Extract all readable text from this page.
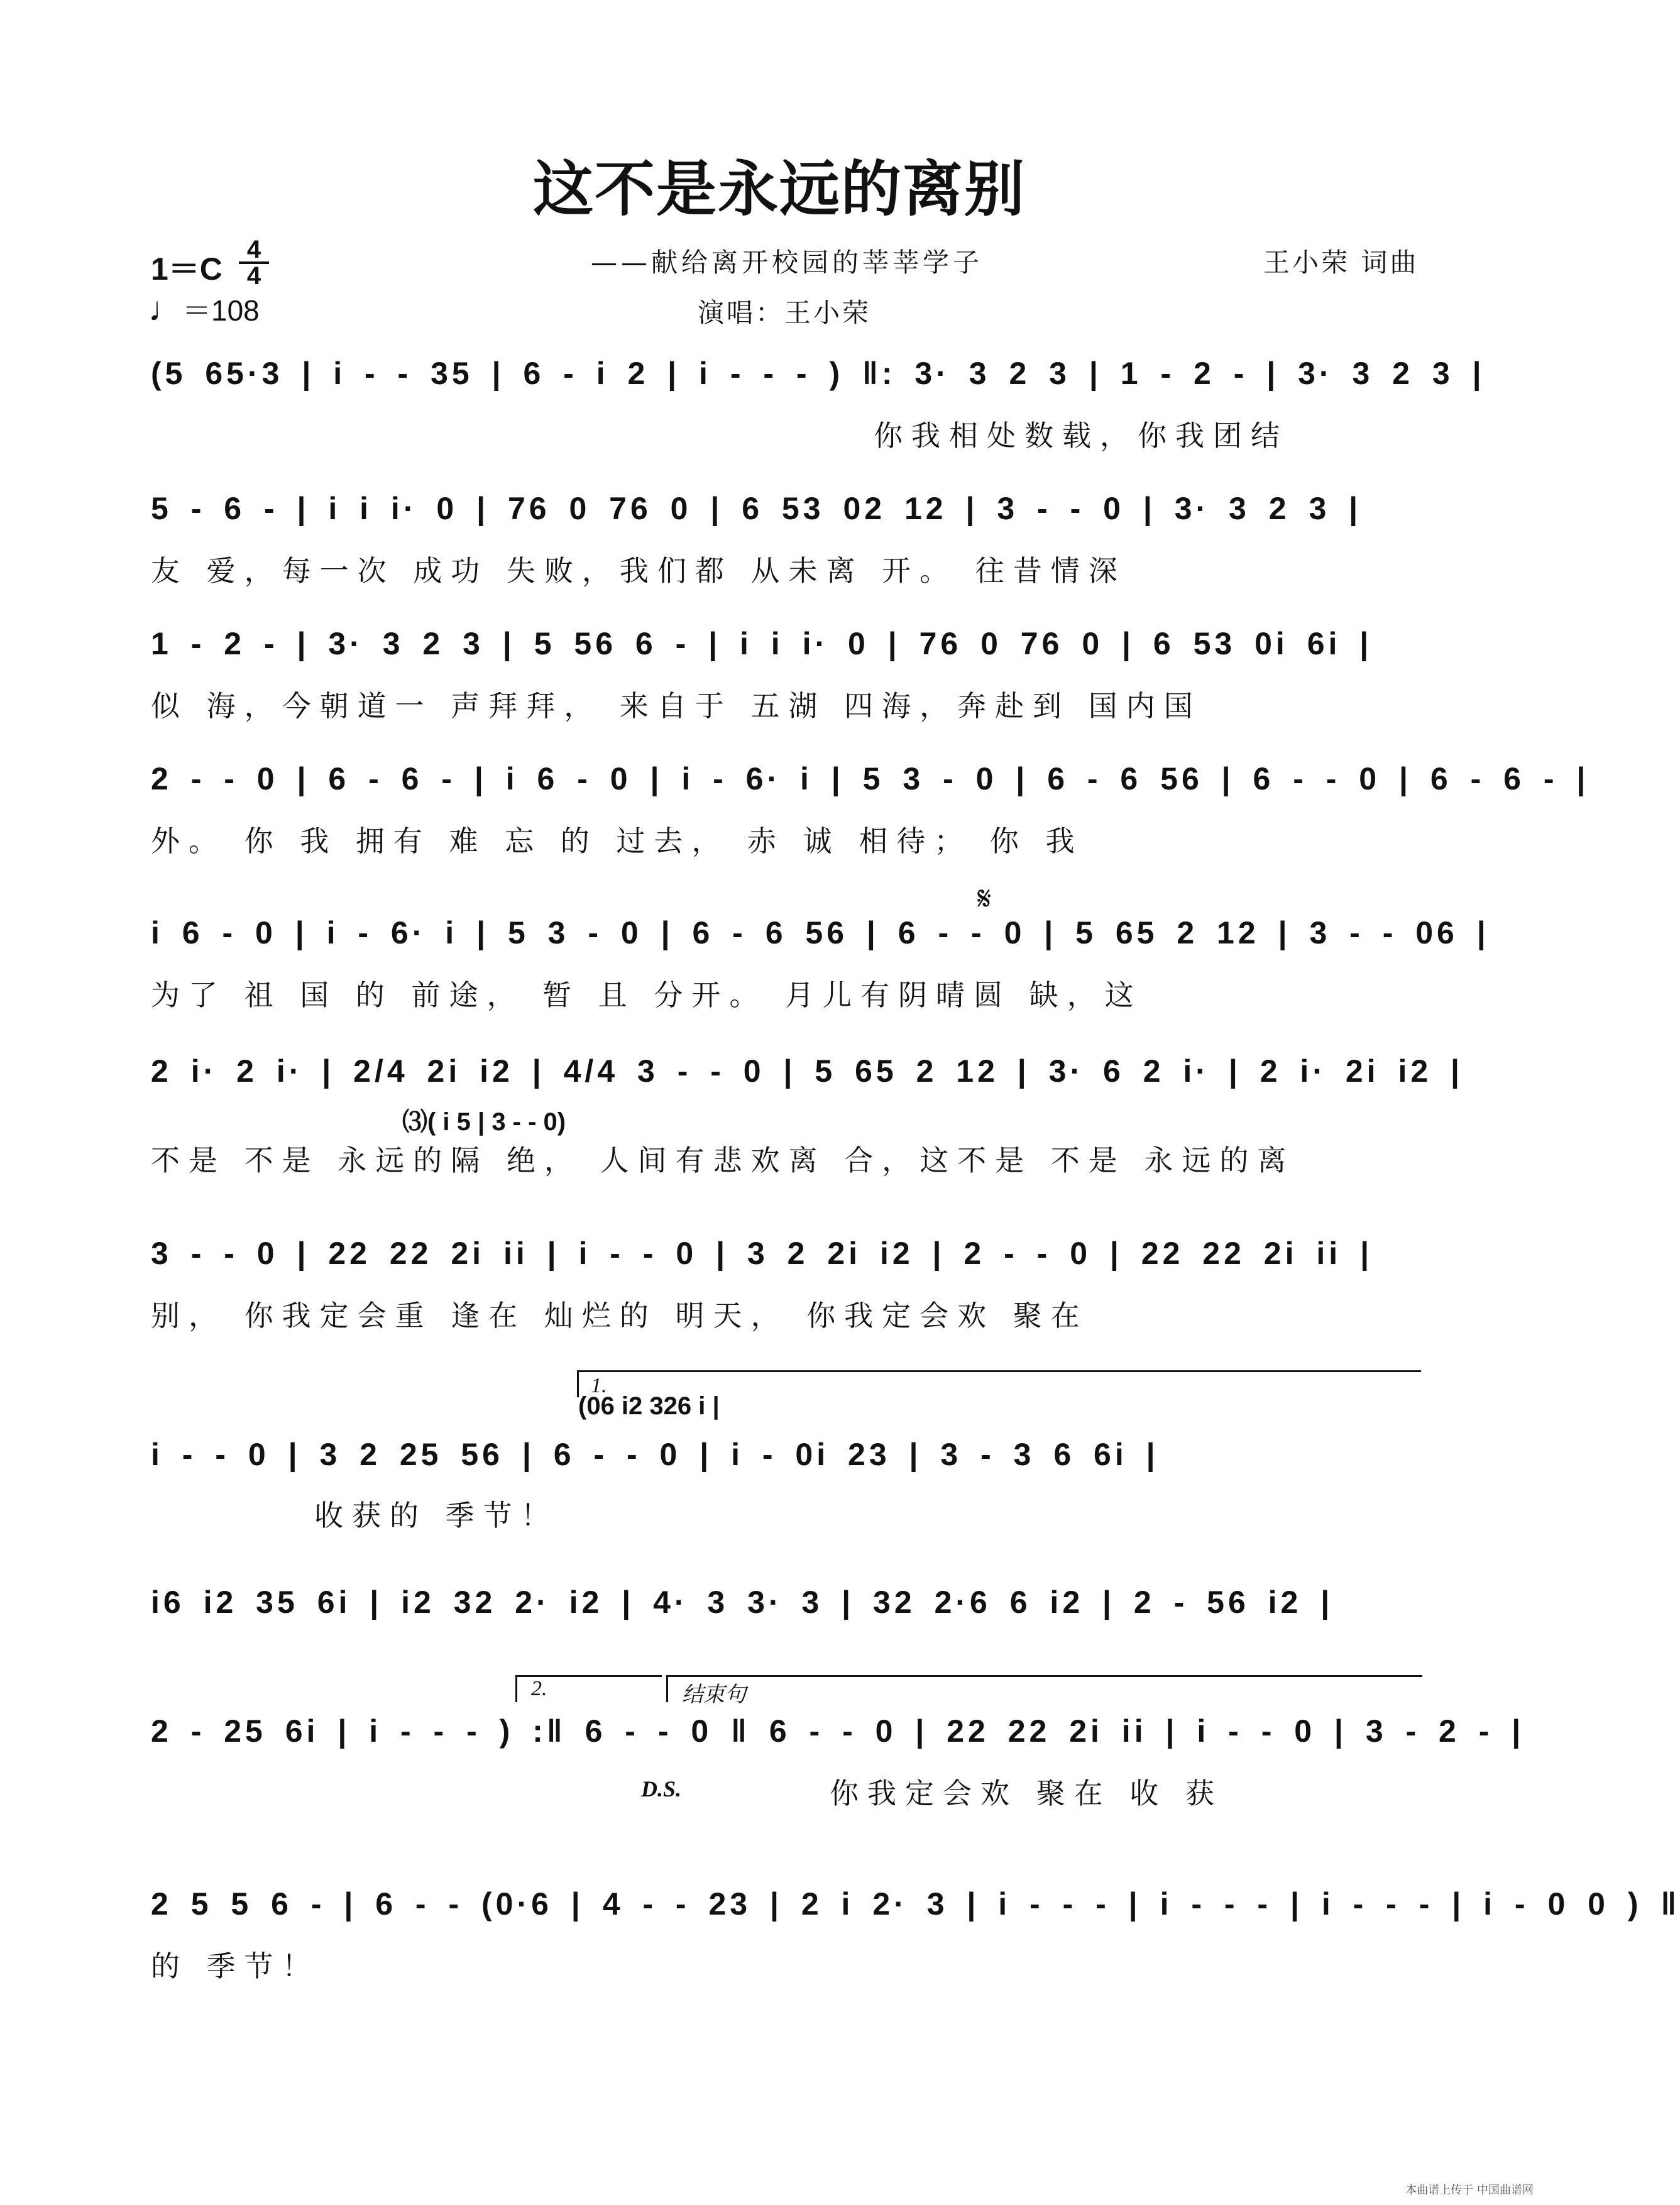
这不是永远的离别
——献给离开校园的莘莘学子
演唱：王小荣
王小荣 词曲
$1=C \frac{4}{4}$
♩＝108
(5 65·3 | i - - 35 | 6 - i 2 | i - - - ) ‖: 3· 3 2 3 | 1 - 2 - | 3· 3 2 3 |
你我相处数载，你我团结
5 - 6 - | i i i· 0 | 76 0 76 0 | 6 53 02 12 | 3 - - 0 | 3· 3 2 3 |
友 爱，每一次 成功 失败，我们都 从未离 开。 往昔情深
1 - 2 - | 3· 3 2 3 | 5 56 6 - | i i i· 0 | 76 0 76 0 | 6 53 0i 6i |
似 海，今朝道一 声拜拜， 来自于 五湖 四海，奔赴到 国内国
2 - - 0 | 6 - 6 - | i 6 - 0 | i - 6· i | 5 3 - 0 | 6 - 6 56 | 6 - - 0 | 6 - 6 - |
外。 你 我 拥有 难 忘 的 过去， 赤 诚 相待； 你 我
𝄋
i 6 - 0 | i - 6· i | 5 3 - 0 | 6 - 6 56 | 6 - - 0 | 5 65 2 12 | 3 - - 06 |
为了 祖 国 的 前途， 暂 且 分开。 月儿有阴晴圆 缺，这
2 i· 2 i· | 2/4 2i i2 | 4/4 3 - - 0 | 5 65 2 12 | 3· 6 2 i· | 2 i· 2i i2 |
⑶( i 5 | 3 - - 0)
不是 不是 永远的隔 绝， 人间有悲欢离 合，这不是 不是 永远的离
3 - - 0 | 22 22 2i ii | i - - 0 | 3 2 2i i2 | 2 - - 0 | 22 22 2i ii |
别， 你我定会重 逢在 灿烂的 明天， 你我定会欢 聚在
1.
(06 i2 326 i |
i - - 0 | 3 2 25 56 | 6 - - 0 | i - 0i 23 | 3 - 3 6 6i |
收获的 季节！
i6 i2 35 6i | i2 32 2· i2 | 4· 3 3· 3 | 32 2·6 6 i2 | 2 - 56 i2 |
2.	结束句
2 - 25 6i | i - - - ) :‖ 6 - - 0 ‖ 6 - - 0 | 22 22 2i ii | i - - 0 | 3 - 2 - |
D.S.	你我定会欢 聚在 收 获
2 5 5 6 - | 6 - - (0·6 | 4 - - 23 | 2 i 2· 3 | i - - - | i - - - | i - - - | i - 0 0 ) ‖
的 季节！
本曲谱上传于 中国曲谱网
